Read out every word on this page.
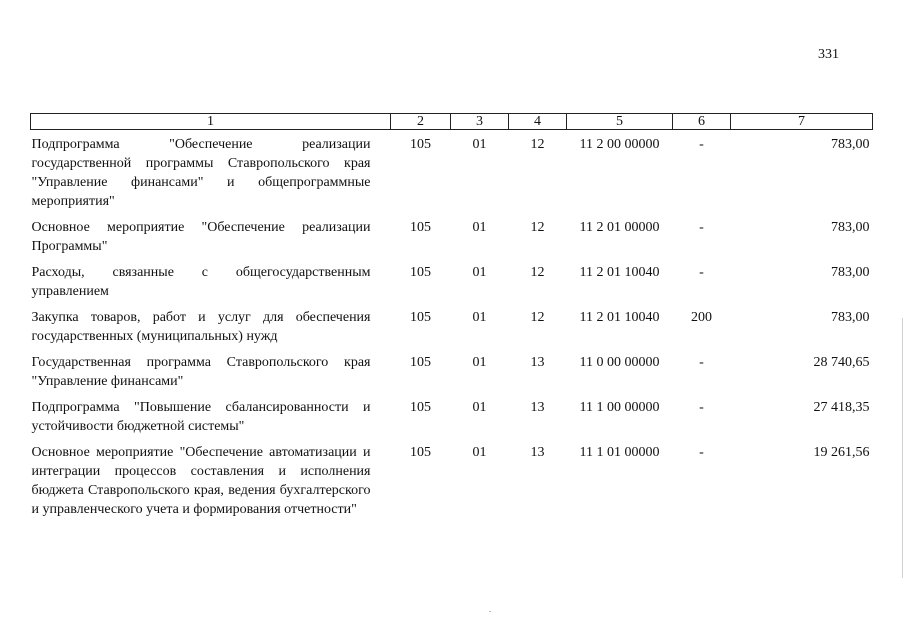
331
1	2	3	4	5	6	7

Подпрограмма "Обеспечение реализации государственной программы Ставропольского края "Управление финансами" и общепрограммные мероприятия"	105	01	12	11 2 00 00000	-	783,00
Основное мероприятие "Обеспечение реализации Программы"	105	01	12	11 2 01 00000	-	783,00
Расходы, связанные с общегосударственным управлением	105	01	12	11 2 01 10040	-	783,00
Закупка товаров, работ и услуг для обеспечения государственных (муниципальных) нужд	105	01	12	11 2 01 10040	200	783,00
Государственная программа Ставропольского края "Управление финансами"	105	01	13	11 0 00 00000	-	28 740,65
Подпрограмма "Повышение сбалансированности и устойчивости бюджетной системы"	105	01	13	11 1 00 00000	-	27 418,35
Основное мероприятие "Обеспечение автоматизации и интеграции процессов составления и исполнения бюджета Ставропольского края, ведения бухгалтерского и управленческого учета и формирования отчетности"	105	01	13	11 1 01 00000	-	19 261,56
